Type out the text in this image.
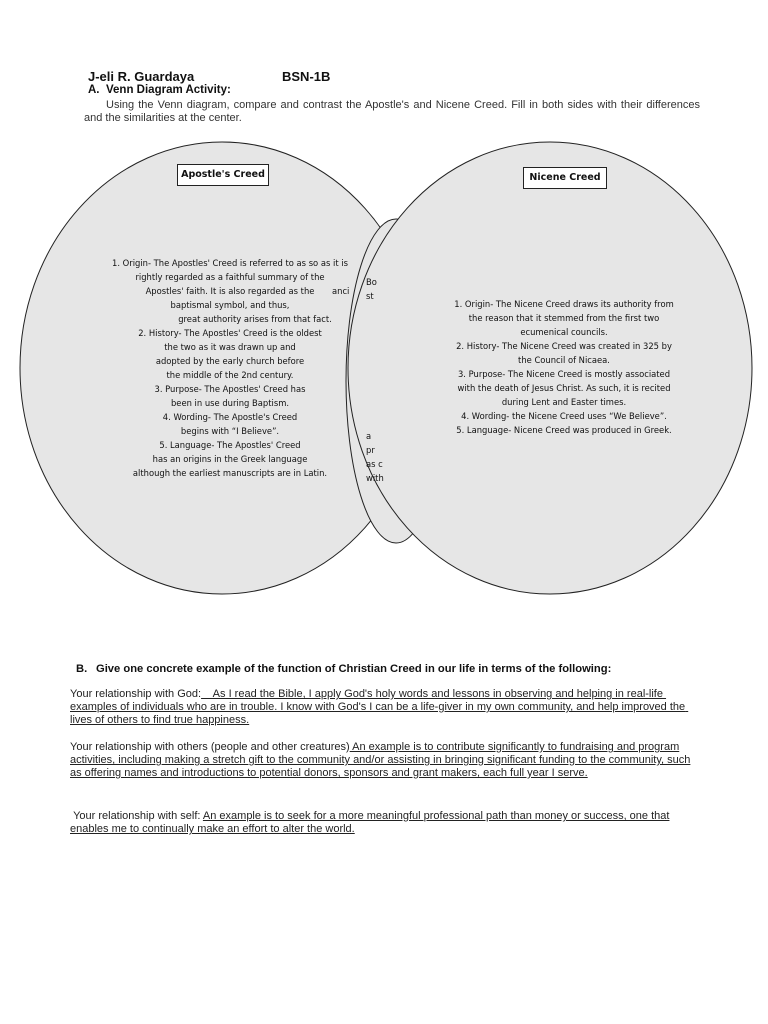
J-eli R. Guardaya	BSN-1B
A. Venn Diagram Activity:
Using the Venn diagram, compare and contrast the Apostle's and Nicene Creed. Fill in both sides with their differences and the similarities at the center.
Apostle's Creed	Nicene Creed
1. Origin- The Apostles' Creed is referred to as so as it is
rightly regarded as a faithful summary of the
Apostles' faith. It is also regarded as the anci
baptismal symbol, and thus,
great authority arises from that fact.
2. History- The Apostles' Creed is the oldest
the two as it was drawn up and
adopted by the early church before
the middle of the 2nd century.
3. Purpose- The Apostles' Creed has
been in use during Baptism.
4. Wording- The Apostle's Creed
begins with “I Believe”.
5. Language- The Apostles' Creed
has an origins in the Greek language
although the earliest manuscripts are in Latin.
Bo
st
a
pr
as c
with
1. Origin- The Nicene Creed draws its authority from
the reason that it stemmed from the first two
ecumenical councils.
2. History- The Nicene Creed was created in 325 by
the Council of Nicaea.
3. Purpose- The Nicene Creed is mostly associated
with the death of Jesus Christ. As such, it is recited
during Lent and Easter times.
4. Wording- the Nicene Creed uses “We Believe”.
5. Language- Nicene Creed was produced in Greek.
B. Give one concrete example of the function of Christian Creed in our life in terms of the following:
Your relationship with God:    As I read the Bible, I apply God's holy words and lessons in observing and helping in real-life examples of individuals who are in trouble. I know with God's I can be a life-giver in my own community, and help improved the lives of others to find true happiness.
Your relationship with others (people and other creatures) An example is to contribute significantly to fundraising and program activities, including making a stretch gift to the community and/or assisting in bringing significant funding to the community, such as offering names and introductions to potential donors, sponsors and grant makers, each full year I serve.
Your relationship with self: An example is to seek for a more meaningful professional path than money or success, one that enables me to continually make an effort to alter the world.
